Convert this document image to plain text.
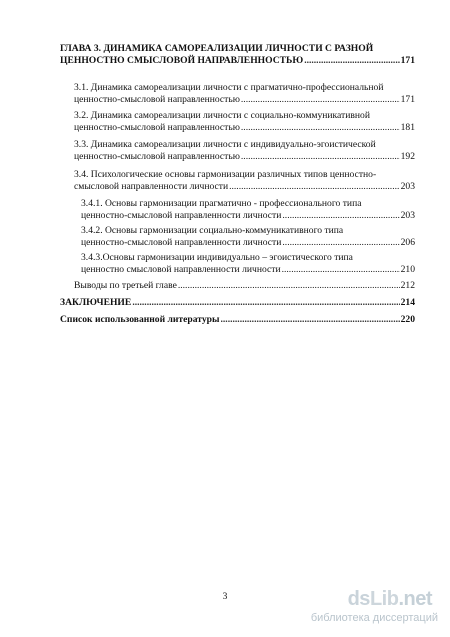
ГЛАВА 3. ДИНАМИКА САМОРЕАЛИЗАЦИИ ЛИЧНОСТИ С РАЗНОЙ
ЦЕННОСТНО СМЫСЛОВОЙ НАПРАВЛЕННОСТЬЮ .....	171
3.1. Динамика самореализации личности с прагматично-профессиональной
ценностно-смысловой направленностью .....	171
3.2. Динамика самореализации личности с социально-коммуникативной
ценностно-смысловой направленностью .....	181
3.3. Динамика самореализации личности с индивидуально-эгоистической
ценностно-смысловой направленностью .....	192
3.4. Психологические основы гармонизации различных типов ценностно-
смысловой направленности личности .....	203
3.4.1. Основы гармонизации прагматично - профессионального типа
ценностно-смысловой направленности личности .....	203
3.4.2. Основы гармонизации социально-коммуникативного типа
ценностно-смысловой направленности личности .....	206
3.4.3.Основы гармонизации индивидуально – эгоистического типа
ценностно смысловой направленности личности .....	210
Выводы по третьей главе .....	212
ЗАКЛЮЧЕНИЕ .....	214
Список использованной литературы .....	220
3	dsLib.net
библиотека диссертаций
